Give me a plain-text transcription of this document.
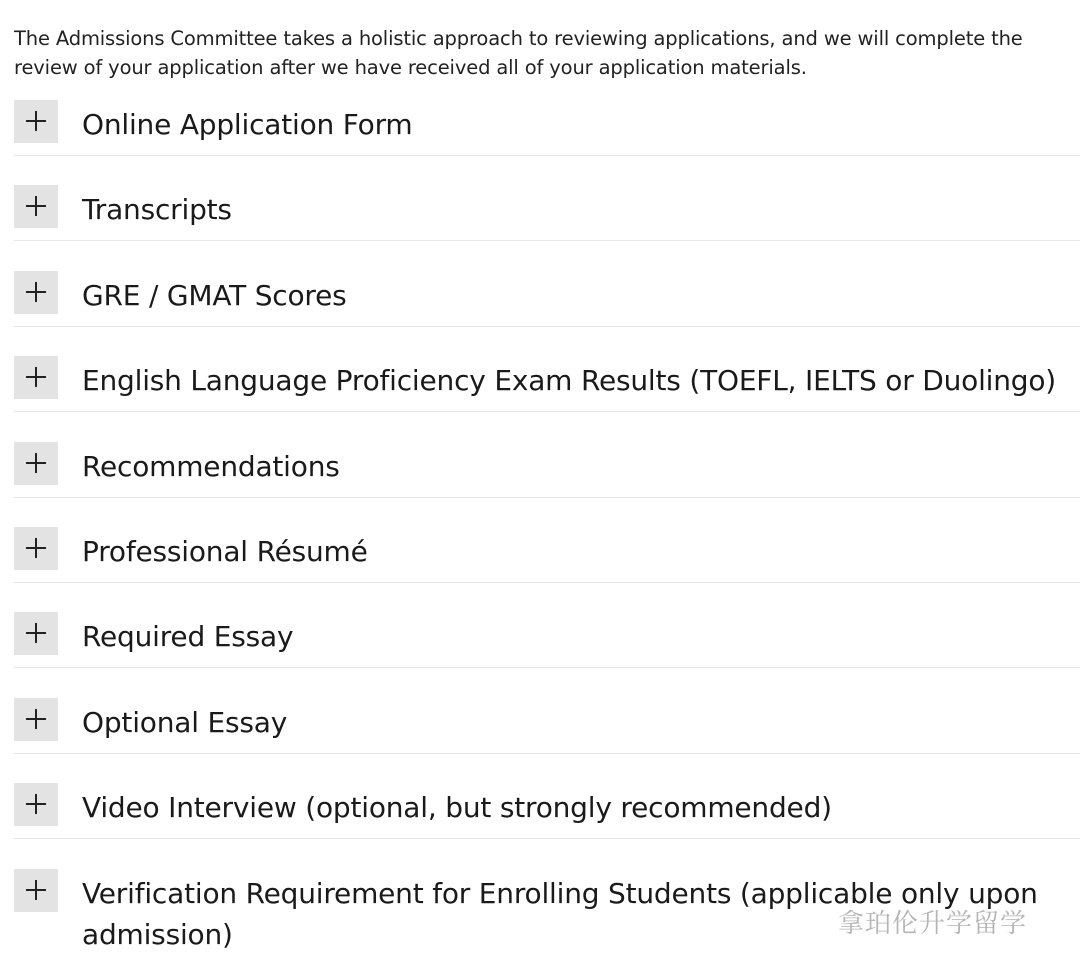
The Admissions Committee takes a holistic approach to reviewing applications, and we will complete the review of your application after we have received all of your application materials.

Online Application Form
Transcripts
GRE / GMAT Scores
English Language Proficiency Exam Results (TOEFL, IELTS or Duolingo)
Recommendations
Professional Résumé
Required Essay
Optional Essay
Video Interview (optional, but strongly recommended)
Verification Requirement for Enrolling Students (applicable only upon admission)	拿珀伦升学留学
